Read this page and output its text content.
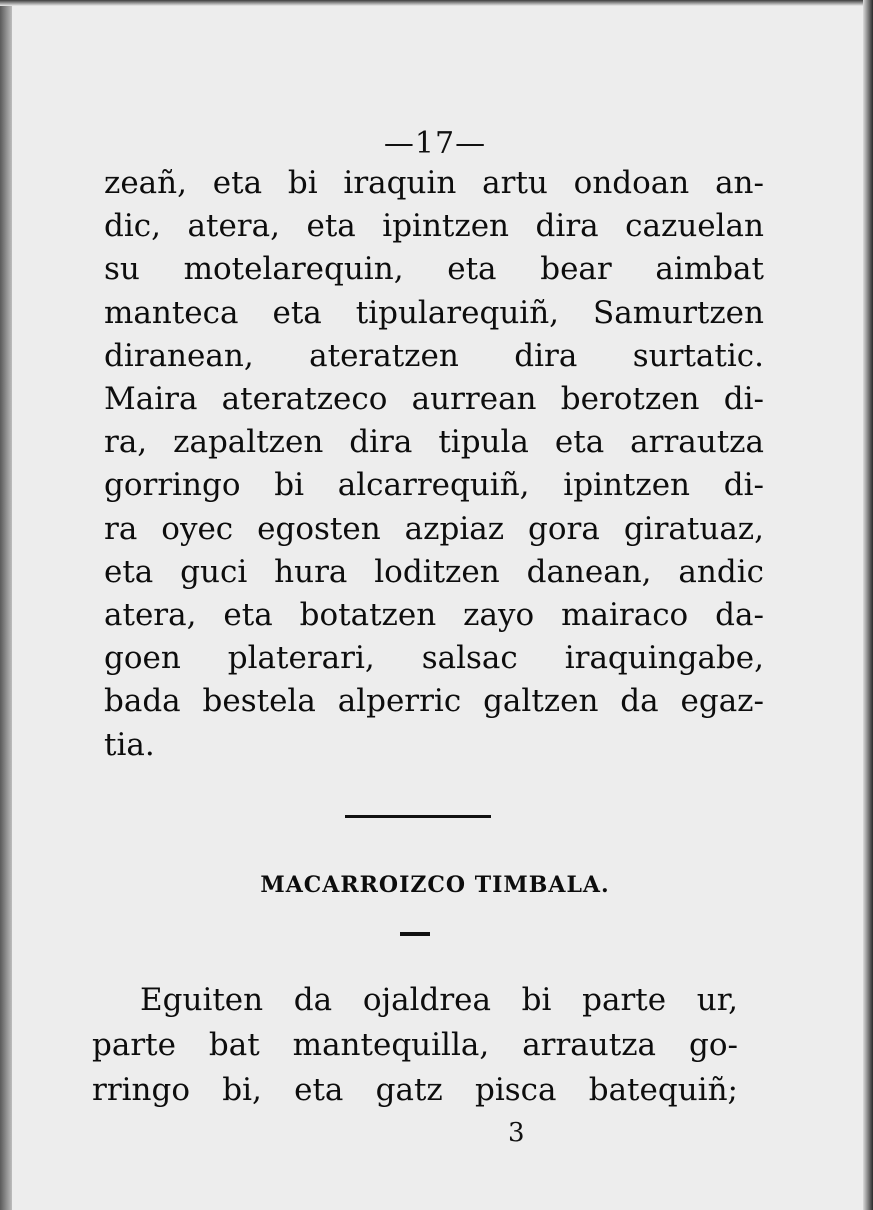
—17—
zeañ, eta bi iraquin artu ondoan an-
dic, atera, eta ipintzen dira cazuelan
su motelarequin, eta bear aimbat
manteca eta tipularequiñ, Samurtzen
diranean, ateratzen dira surtatic.
Maira ateratzeco aurrean berotzen di-
ra, zapaltzen dira tipula eta arrautza
gorringo bi alcarrequiñ, ipintzen di-
ra oyec egosten azpiaz gora giratuaz,
eta guci hura loditzen danean, andic
atera, eta botatzen zayo mairaco da-
goen platerari, salsac iraquingabe,
bada bestela alperric galtzen da egaz-
tia.
MACARROIZCO TIMBALA.
Eguiten da ojaldrea bi parte ur,
parte bat mantequilla, arrautza go-
rringo bi, eta gatz pisca batequiñ;
3
